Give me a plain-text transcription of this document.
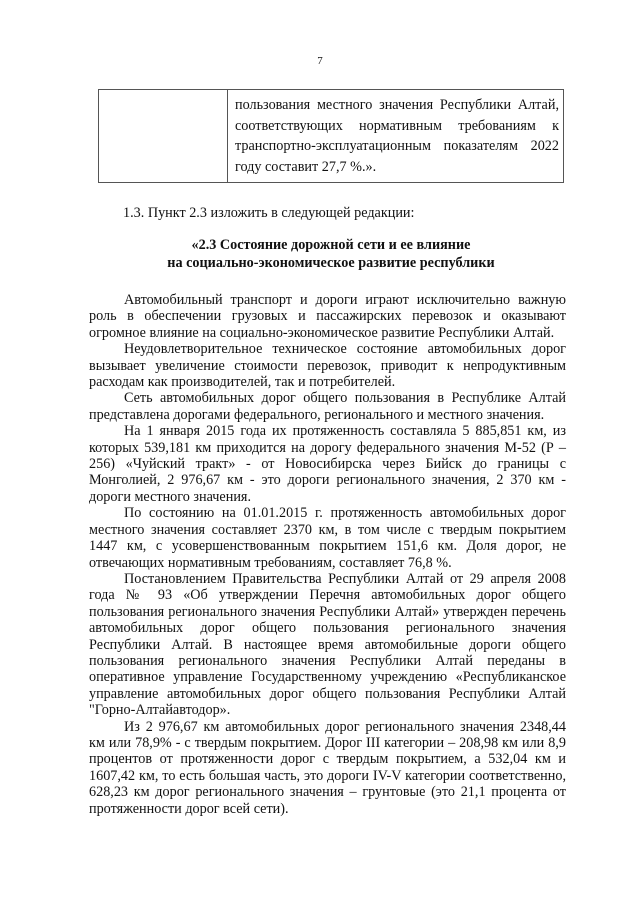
7
пользования местного значения Республики Алтай, соответствующих нормативным требованиям к транспортно-эксплуатационным показателям 2022 году составит 27,7 %.».
1.3. Пункт 2.3 изложить в следующей редакции:
«2.3 Состояние дорожной сети и ее влияние
на социально-экономическое развитие республики

Автомобильный транспорт и дороги играют исключительно важную роль в обеспечении грузовых и пассажирских перевозок и оказывают огромное влияние на социально-экономическое развитие Республики Алтай.

Неудовлетворительное техническое состояние автомобильных дорог вызывает увеличение стоимости перевозок, приводит к непродуктивным расходам как производителей, так и потребителей.

Сеть автомобильных дорог общего пользования в Республике Алтай представлена дорогами федерального, регионального и местного значения.

На 1 января 2015 года их протяженность составляла 5 885,851 км, из которых 539,181 км приходится на дорогу федерального значения М-52 (Р – 256) «Чуйский тракт» - от Новосибирска через Бийск до границы с Монголией, 2 976,67 км - это дороги регионального значения, 2 370 км - дороги местного значения.

По состоянию на 01.01.2015 г. протяженность автомобильных дорог местного значения составляет 2370 км, в том числе с твердым покрытием 1447 км, с усовершенствованным покрытием 151,6 км. Доля дорог, не отвечающих нормативным требованиям, составляет 76,8 %.

Постановлением Правительства Республики Алтай от 29 апреля 2008 года № 93 «Об утверждении Перечня автомобильных дорог общего пользования регионального значения Республики Алтай» утвержден перечень автомобильных дорог общего пользования регионального значения Республики Алтай. В настоящее время автомобильные дороги общего пользования регионального значения Республики Алтай переданы в оперативное управление Государственному учреждению «Республиканское управление автомобильных дорог общего пользования Республики Алтай "Горно-Алтайавтодор».

Из 2 976,67 км автомобильных дорог регионального значения 2348,44 км или 78,9% - с твердым покрытием. Дорог III категории – 208,98 км или 8,9 процентов от протяженности дорог с твердым покрытием, а 532,04 км и 1607,42 км, то есть большая часть, это дороги IV-V категории соответственно, 628,23 км дорог регионального значения – грунтовые (это 21,1 процента от протяженности дорог всей сети).
